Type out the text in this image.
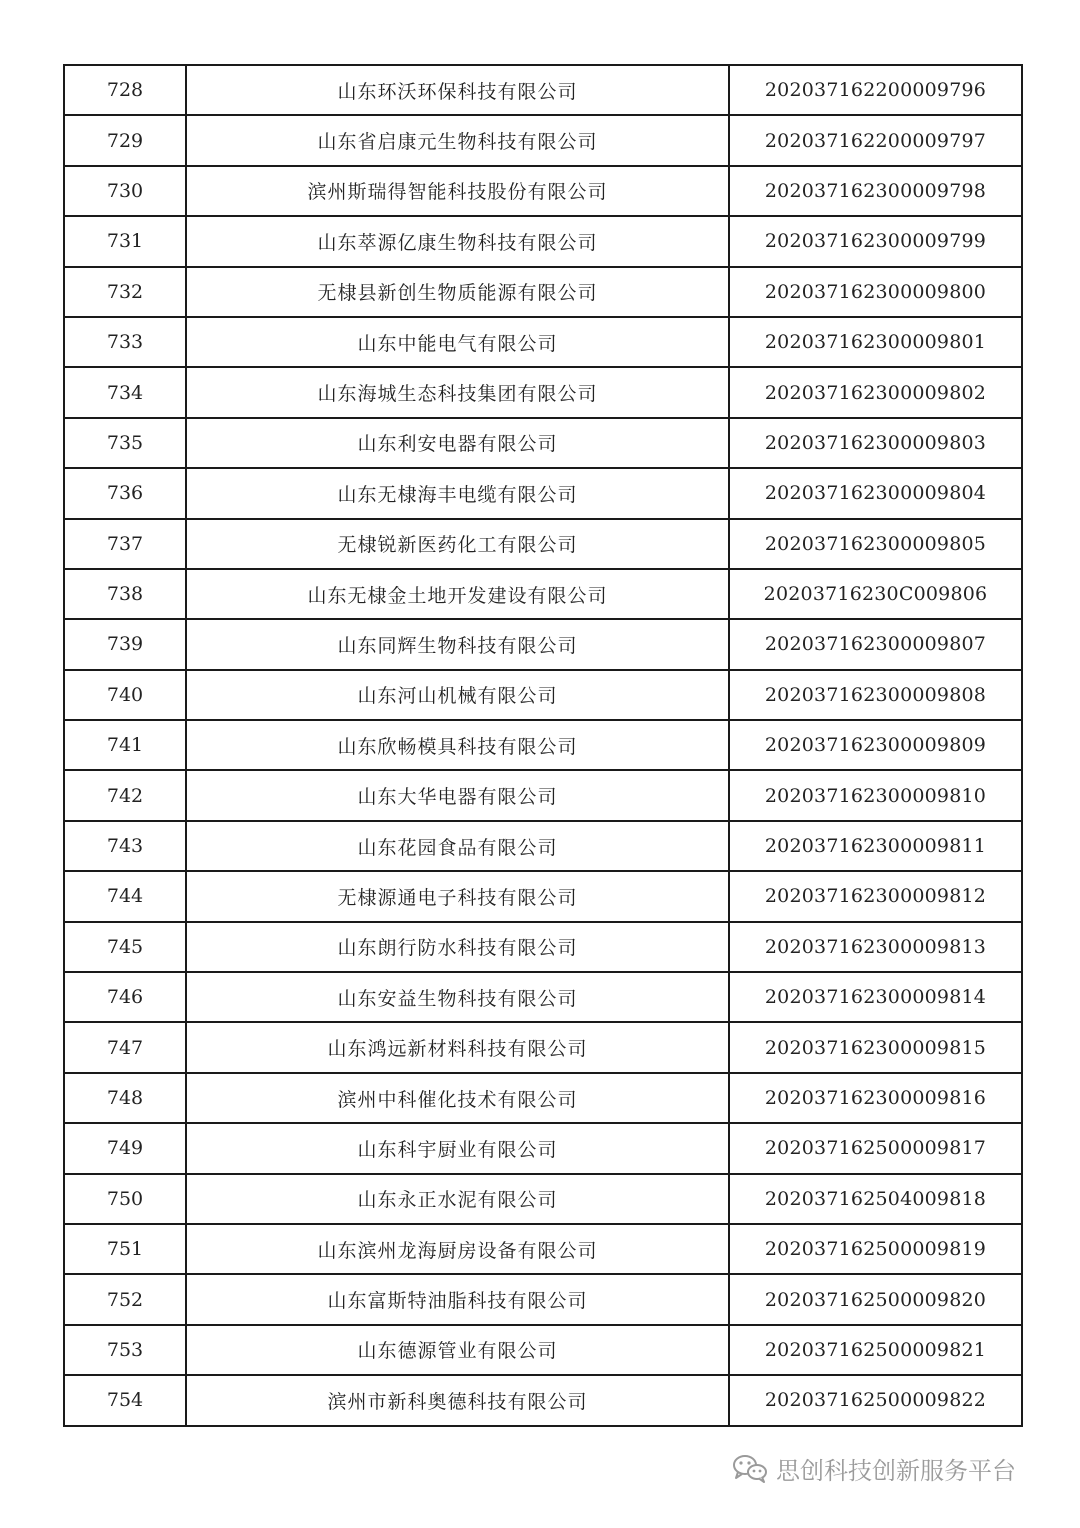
728	山东环沃环保科技有限公司	202037162200009796
729	山东省启康元生物科技有限公司	202037162200009797
730	滨州斯瑞得智能科技股份有限公司	202037162300009798
731	山东萃源亿康生物科技有限公司	202037162300009799
732	无棣县新创生物质能源有限公司	202037162300009800
733	山东中能电气有限公司	202037162300009801
734	山东海城生态科技集团有限公司	202037162300009802
735	山东利安电器有限公司	202037162300009803
736	山东无棣海丰电缆有限公司	202037162300009804
737	无棣锐新医药化工有限公司	202037162300009805
738	山东无棣金土地开发建设有限公司	20203716230C009806
739	山东同辉生物科技有限公司	202037162300009807
740	山东河山机械有限公司	202037162300009808
741	山东欣畅模具科技有限公司	202037162300009809
742	山东大华电器有限公司	202037162300009810
743	山东花园食品有限公司	202037162300009811
744	无棣源通电子科技有限公司	202037162300009812
745	山东朗行防水科技有限公司	202037162300009813
746	山东安益生物科技有限公司	202037162300009814
747	山东鸿远新材料科技有限公司	202037162300009815
748	滨州中科催化技术有限公司	202037162300009816
749	山东科宇厨业有限公司	202037162500009817
750	山东永正水泥有限公司	202037162504009818
751	山东滨州龙海厨房设备有限公司	202037162500009819
752	山东富斯特油脂科技有限公司	202037162500009820
753	山东德源管业有限公司	202037162500009821
754	滨州市新科奥德科技有限公司	202037162500009822
思创科技创新服务平台
